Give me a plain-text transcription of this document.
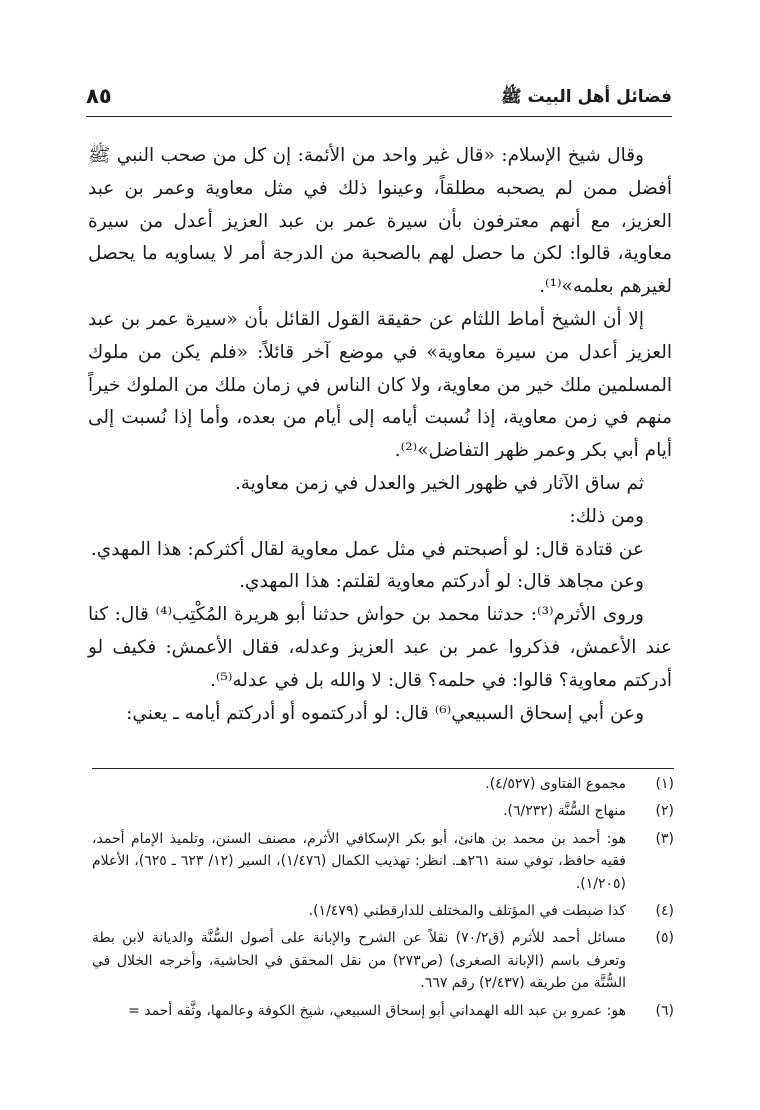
فضائل أهل البيت ﷺ
٨٥

وقال شيخ الإسلام: «قال غير واحد من الأئمة: إن كل من صحب النبي ﷺ أفضل ممن لم يصحبه مطلقاً، وعينوا ذلك في مثل معاوية وعمر بن عبد العزيز، مع أنهم معترفون بأن سيرة عمر بن عبد العزيز أعدل من سيرة معاوية، قالوا: لكن ما حصل لهم بالصحبة من الدرجة أمر لا يساويه ما يحصل لغيرهم بعلمه»⁽¹⁾.

إلا أن الشيخ أماط اللثام عن حقيقة القول القائل بأن «سيرة عمر بن عبد العزيز أعدل من سيرة معاوية» في موضع آخر قائلاً: «فلم يكن من ملوك المسلمين ملك خير من معاوية، ولا كان الناس في زمان ملك من الملوك خيراً منهم في زمن معاوية، إذا نُسبت أيامه إلى أيام من بعده، وأما إذا نُسبت إلى أيام أبي بكر وعمر ظهر التفاضل»⁽²⁾.

ثم ساق الآثار في ظهور الخير والعدل في زمن معاوية.

ومن ذلك:

عن قتادة قال: لو أصبحتم في مثل عمل معاوية لقال أكثركم: هذا المهدي.

وعن مجاهد قال: لو أدركتم معاوية لقلتم: هذا المهدي.

وروى الأثرم⁽³⁾: حدثنا محمد بن حواش حدثنا أبو هريرة المُكْتِب⁽⁴⁾ قال: كنا عند الأعمش، فذكروا عمر بن عبد العزيز وعدله، فقال الأعمش: فكيف لو أدركتم معاوية؟ قالوا: في حلمه؟ قال: لا والله بل في عدله⁽⁵⁾.

وعن أبي إسحاق السبيعي⁽⁶⁾ قال: لو أدركتموه أو أدركتم أيامه ـ يعني:

(١)
مجموع الفتاوى (٤/٥٢٧).
(٢)
منهاج السُّنَّة (٦/٢٣٢).
(٣)
هو: أحمد بن محمد بن هانئ، أبو بكر الإسكافي الأثرم، مصنف السنن، وتلميذ الإمام أحمد، فقيه حافظ، توفي سنة ٢٦١هـ. انظر: تهذيب الكمال (١/٤٧٦)، السير (١٢/ ٦٢٣ ـ ٦٢٥)، الأعلام (١/٢٠٥).
(٤)
كذا ضبطت في المؤتلف والمختلف للدارقطني (١/٤٧٩).
(٥)
مسائل أحمد للأثرم (ق٧٠/٢) نقلاً عن الشرح والإبانة على أصول السُّنَّة والديانة لابن بطة وتعرف باسم (الإبانة الصغرى) (ص٢٧٣) من نقل المحقق في الحاشية، وأخرجه الخلال في السُّنَّة من طريقه (٢/٤٣٧) رقم ٦٦٧.
(٦)
هو: عمرو بن عبد الله الهمداني أبو إسحاق السبيعي، شيخ الكوفة وعالمها، وثَّقه أحمد =
